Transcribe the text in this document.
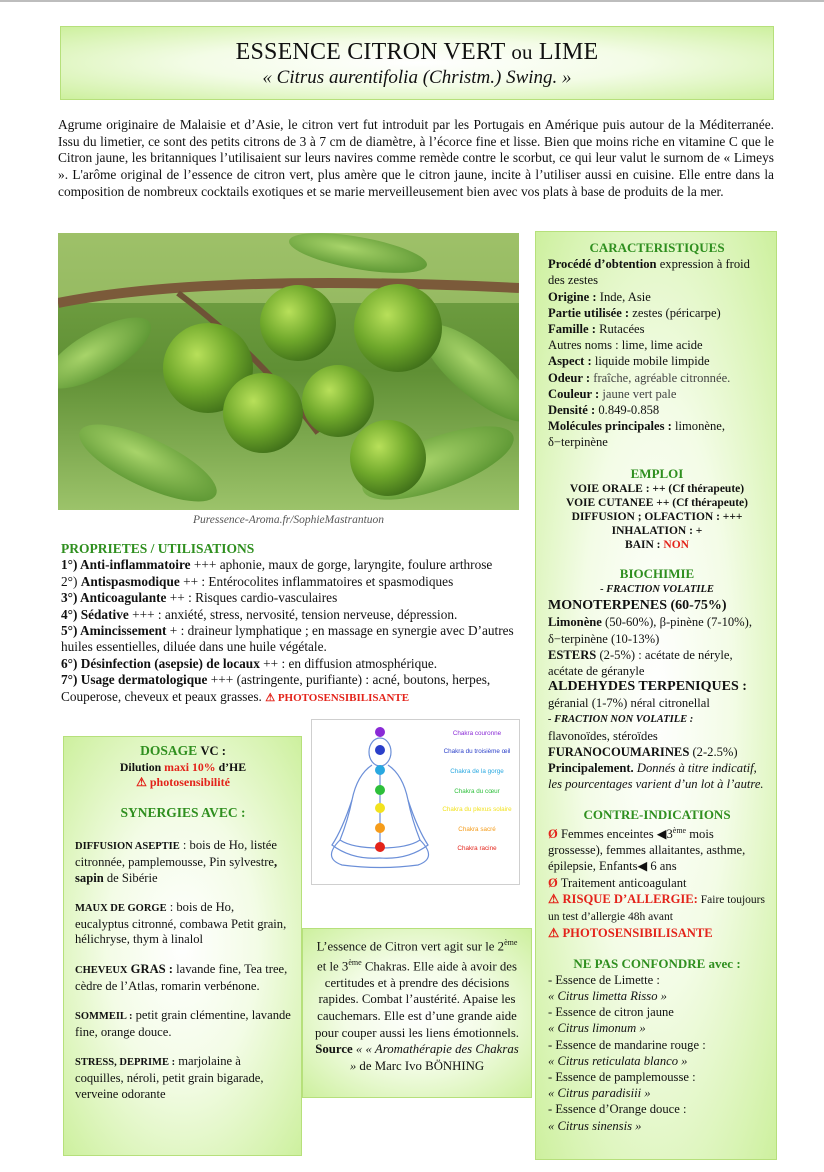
ESSENCE CITRON VERT ou LIME
« Citrus aurentifolia (Christm.) Swing. »
Agrume originaire de Malaisie et d’Asie, le citron vert fut introduit par les Portugais en Amérique puis autour de la Méditerranée. Issu du limetier, ce sont des petits citrons de 3 à 7 cm de diamètre, à l’écorce fine et lisse. Bien que moins riche en vitamine C que le Citron jaune, les britanniques l’utilisaient sur leurs navires comme remède contre le scorbut, ce qui leur valut le surnom de « Limeys ». L'arôme original de l’essence de citron vert, plus amère que le citron jaune, incite à l’utiliser aussi en cuisine. Elle entre dans la composition de nombreux cocktails exotiques et se marie merveilleusement bien avec vos plats à base de produits de la mer.
Puressence-Aroma.fr/SophieMastrantuon
PROPRIETES / UTILISATIONS
1°) Anti-inflammatoire +++ aphonie, maux de gorge, laryngite, foulure arthrose
2°) Antispasmodique ++ : Entérocolites inflammatoires et spasmodiques
3°) Anticoagulante ++ : Risques cardio-vasculaires
4°) Sédative +++ : anxiété, stress, nervosité, tension nerveuse, dépression.
5°) Amincissement + : draineur lymphatique ; en massage en synergie avec D’autres huiles essentielles, diluée dans une huile végétale.
6°) Désinfection (asepsie) de locaux ++ : en diffusion atmosphérique.
7°) Usage dermatologique +++ (astringente, purifiante) : acné, boutons, herpes, Couperose, cheveux et peaux grasses. ⚠ PHOTOSENSIBILISANTE
CARACTERISTIQUES
Procédé d’obtention expression à froid des zestes
Origine : Inde, Asie
Partie utilisée : zestes (péricarpe)
Famille : Rutacées
Autres noms : lime, lime acide
Aspect : liquide mobile limpide
Odeur : fraîche, agréable citronnée.
Couleur : jaune vert pale
Densité : 0.849-0.858
Molécules principales : limonène, δ−terpinène
EMPLOI
VOIE ORALE : ++ (Cf thérapeute)
VOIE CUTANEE ++ (Cf thérapeute)
DIFFUSION ; OLFACTION : +++
INHALATION : +
BAIN : NON
BIOCHIMIE
- FRACTION VOLATILE
MONOTERPENES (60-75%)
Limonène (50-60%), β-pinène (7-10%), δ−terpinène (10-13%)
ESTERS (2-5%) : acétate de néryle, acétate de géranyle
ALDEHYDES TERPENIQUES :
géranial (1-7%) néral citronellal
- FRACTION NON VOLATILE :
flavonoïdes, stéroïdes
FURANOCOUMARINES (2-2.5%)
Principalement. Donnés à titre indicatif, les pourcentages varient d’un lot à l’autre.
CONTRE-INDICATIONS
Ø Femmes enceintes ◀3ème mois grossesse), femmes allaitantes, asthme, épilepsie, Enfants◀ 6 ans
Ø Traitement anticoagulant
⚠ RISQUE D’ALLERGIE: Faire toujours un test d’allergie 48h avant
⚠ PHOTOSENSIBILISANTE
NE PAS CONFONDRE avec :
- Essence de Limette :
« Citrus limetta Risso »
- Essence de citron jaune
« Citrus limonum »
- Essence de mandarine rouge :
« Citrus reticulata blanco »
- Essence de pamplemousse :
« Citrus paradisiii »
- Essence d’Orange douce :
« Citrus sinensis »
DOSAGE VC :
Dilution maxi 10% d’HE
⚠ photosensibilité
SYNERGIES AVEC :
DIFFUSION ASEPTIE : bois de Ho, listée citronnée, pamplemousse, Pin sylvestre, sapin de Sibérie
MAUX DE GORGE : bois de Ho, eucalyptus citronné, combawa Petit grain, hélichryse, thym à linalol
CHEVEUX GRAS : lavande fine, Tea tree, cèdre de l’Atlas, romarin verbénone.
SOMMEIL : petit grain clémentine, lavande fine, orange douce.
STRESS, DEPRIME : marjolaine à coquilles, néroli, petit grain bigarade, verveine odorante
Chakra couronne
Chakra du troisième œil
Chakra de la gorge
Chakra du cœur
Chakra du plexus solaire
Chakra sacré
Chakra racine
L’essence de Citron vert agit sur le 2ème et le 3ème Chakras. Elle aide à avoir des certitudes et à prendre des décisions rapides. Combat l’austérité. Apaise les cauchemars. Elle est d’une grande aide pour couper aussi les liens émotionnels.
Source « « Aromathérapie des Chakras » de Marc Ivo BÖNHING
